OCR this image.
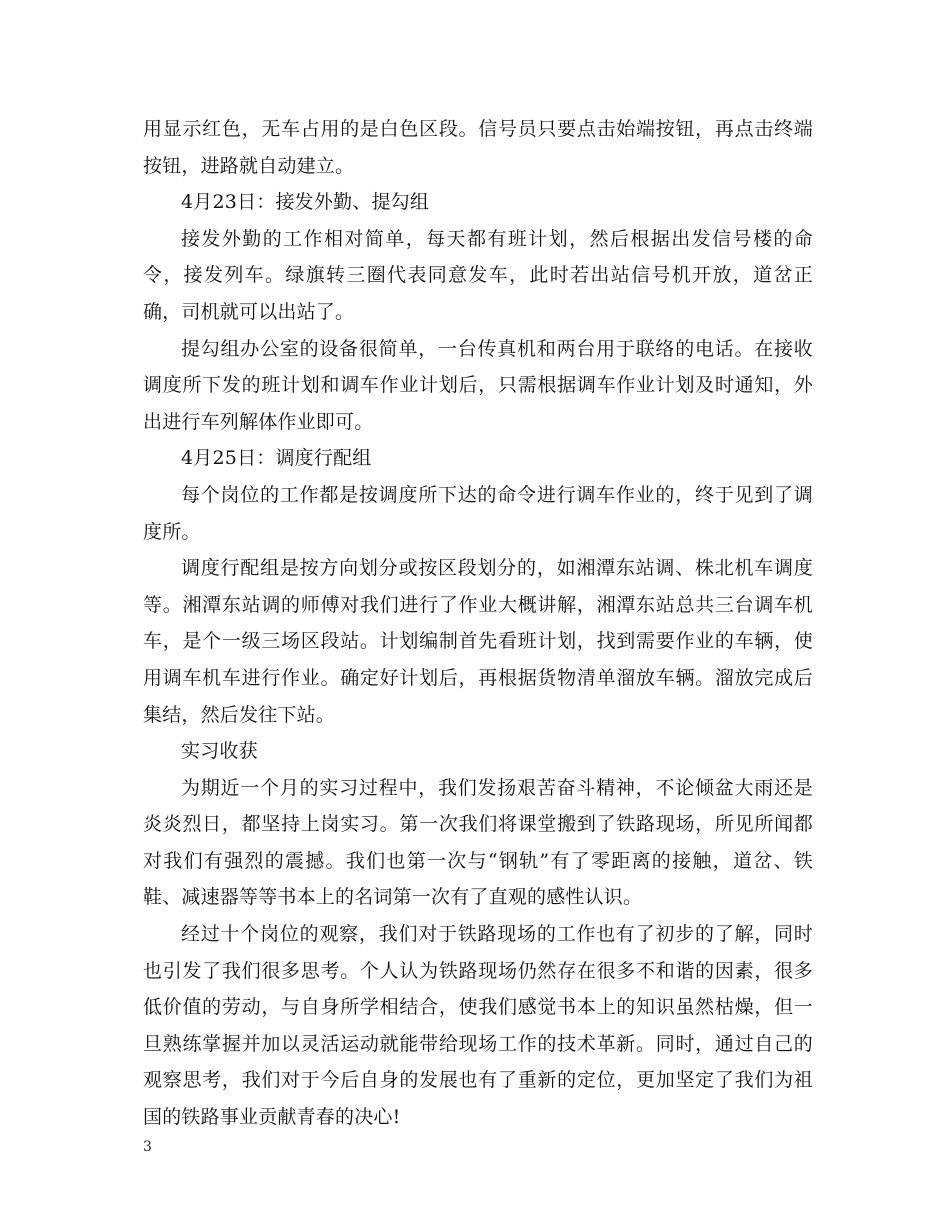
用显示红色，无车占用的是白色区段。信号员只要点击始端按钮，再点击终端按钮，进路就自动建立。

4月23日：接发外勤、提勾组

接发外勤的工作相对简单，每天都有班计划，然后根据出发信号楼的命令，接发列车。绿旗转三圈代表同意发车，此时若出站信号机开放，道岔正确，司机就可以出站了。

提勾组办公室的设备很简单，一台传真机和两台用于联络的电话。在接收调度所下发的班计划和调车作业计划后，只需根据调车作业计划及时通知，外出进行车列解体作业即可。

4月25日：调度行配组

每个岗位的工作都是按调度所下达的命令进行调车作业的，终于见到了调度所。

调度行配组是按方向划分或按区段划分的，如湘潭东站调、株北机车调度等。湘潭东站调的师傅对我们进行了作业大概讲解，湘潭东站总共三台调车机车，是个一级三场区段站。计划编制首先看班计划，找到需要作业的车辆，使用调车机车进行作业。确定好计划后，再根据货物清单溜放车辆。溜放完成后集结，然后发往下站。

实习收获

为期近一个月的实习过程中，我们发扬艰苦奋斗精神，不论倾盆大雨还是炎炎烈日，都坚持上岗实习。第一次我们将课堂搬到了铁路现场，所见所闻都对我们有强烈的震撼。我们也第一次与“钢轨”有了零距离的接触，道岔、铁鞋、减速器等等书本上的名词第一次有了直观的感性认识。

经过十个岗位的观察，我们对于铁路现场的工作也有了初步的了解，同时也引发了我们很多思考。个人认为铁路现场仍然存在很多不和谐的因素，很多低价值的劳动，与自身所学相结合，使我们感觉书本上的知识虽然枯燥，但一旦熟练掌握并加以灵活运动就能带给现场工作的技术革新。同时，通过自己的观察思考，我们对于今后自身的发展也有了重新的定位，更加坚定了我们为祖国的铁路事业贡献青春的决心!

3
